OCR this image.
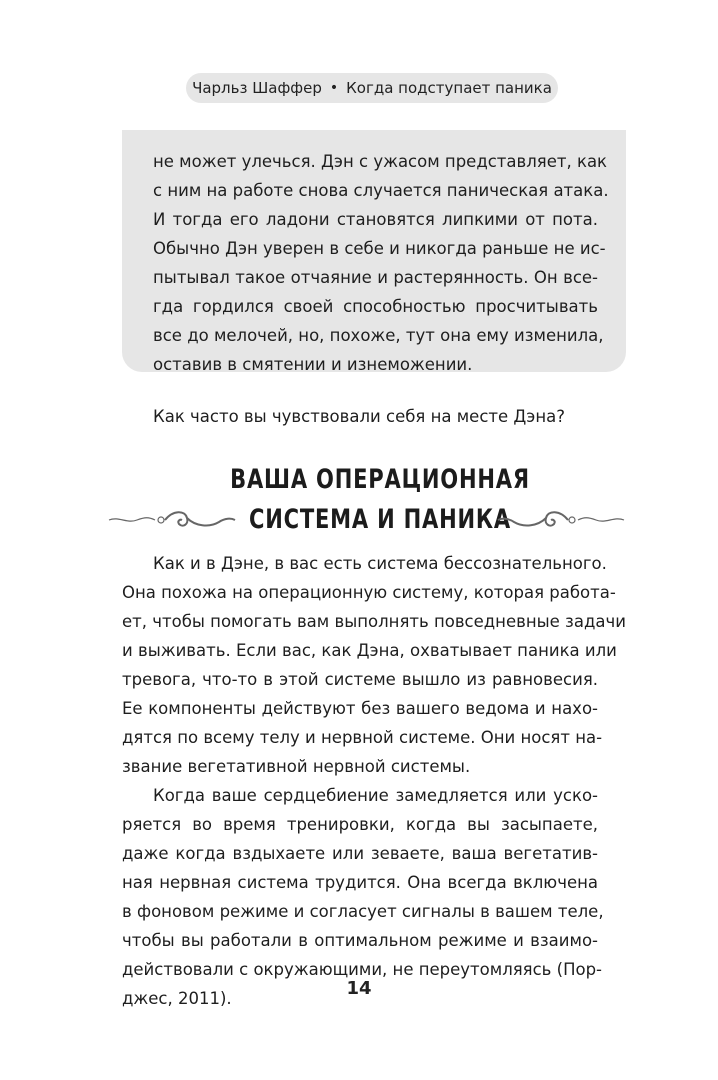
Чарльз Шаффер • Когда подступает паника
не может улечься. Дэн с ужасом представляет, как
с ним на работе снова случается паническая атака.
И тогда его ладони становятся липкими от пота.
Обычно Дэн уверен в себе и никогда раньше не ис-
пытывал такое отчаяние и растерянность. Он все-
гда гордился своей способностью просчитывать
все до мелочей, но, похоже, тут она ему изменила,
оставив в смятении и изнеможении.
Как часто вы чувствовали себя на месте Дэна?
ВАША ОПЕРАЦИОННАЯ
СИСТЕМА И ПАНИКА
Как и в Дэне, в вас есть система бессознательного.
Она похожа на операционную систему, которая работа-
ет, чтобы помогать вам выполнять повседневные задачи
и выживать. Если вас, как Дэна, охватывает паника или
тревога, что-то в этой системе вышло из равновесия.
Ее компоненты действуют без вашего ведома и нахо-
дятся по всему телу и нервной системе. Они носят на-
звание вегетативной нервной системы.
Когда ваше сердцебиение замедляется или уско-
ряется во время тренировки, когда вы засыпаете,
даже когда вздыхаете или зеваете, ваша вегетатив-
ная нервная система трудится. Она всегда включена
в фоновом режиме и согласует сигналы в вашем теле,
чтобы вы работали в оптимальном режиме и взаимо-
действовали с окружающими, не переутомляясь (Пор-
джес, 2011).	14
